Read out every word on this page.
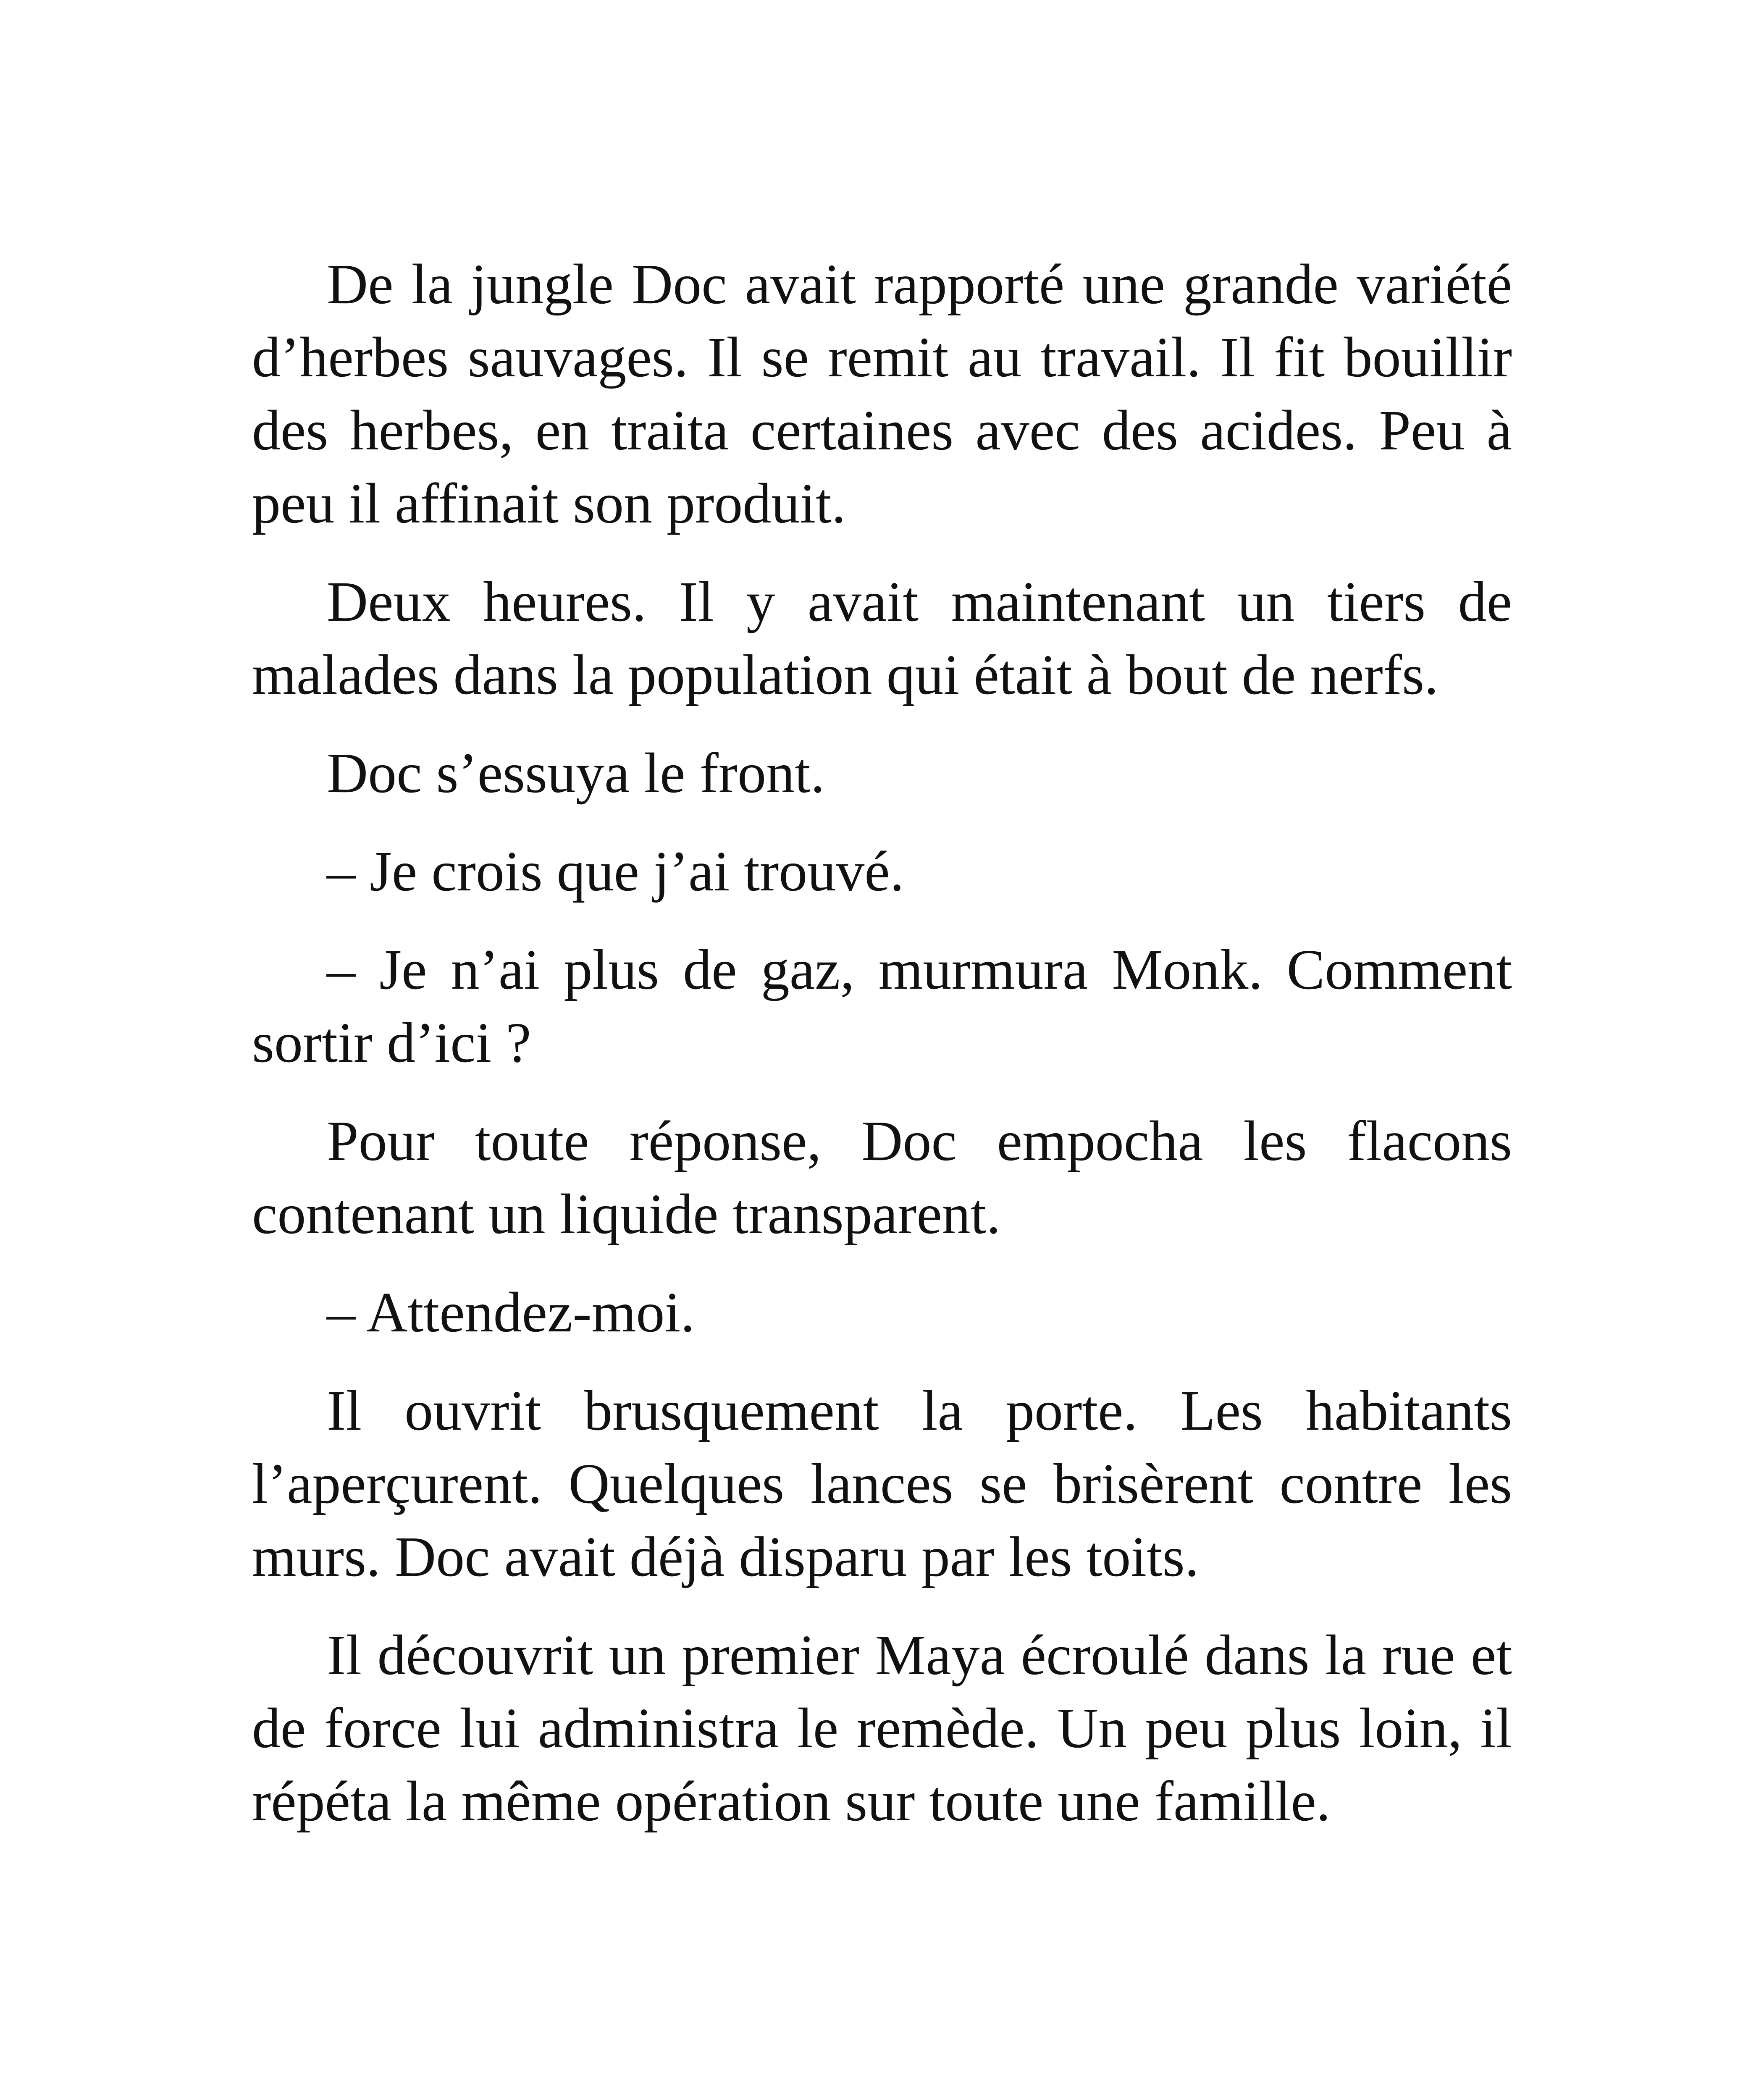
De la jungle Doc avait rapporté une grande variété d’herbes sauvages. Il se remit au travail. Il fit bouillir des herbes, en traita certaines avec des acides. Peu à peu il affinait son produit.

Deux heures. Il y avait maintenant un tiers de malades dans la population qui était à bout de nerfs.

Doc s’essuya le front.

– Je crois que j’ai trouvé.

– Je n’ai plus de gaz, murmura Monk. Comment sortir d’ici ?

Pour toute réponse, Doc empocha les flacons contenant un liquide transparent.

– Attendez-moi.

Il ouvrit brusquement la porte. Les habitants l’aperçurent. Quelques lances se brisèrent contre les murs. Doc avait déjà disparu par les toits.

Il découvrit un premier Maya écroulé dans la rue et de force lui administra le remède. Un peu plus loin, il répéta la même opération sur toute une famille.
